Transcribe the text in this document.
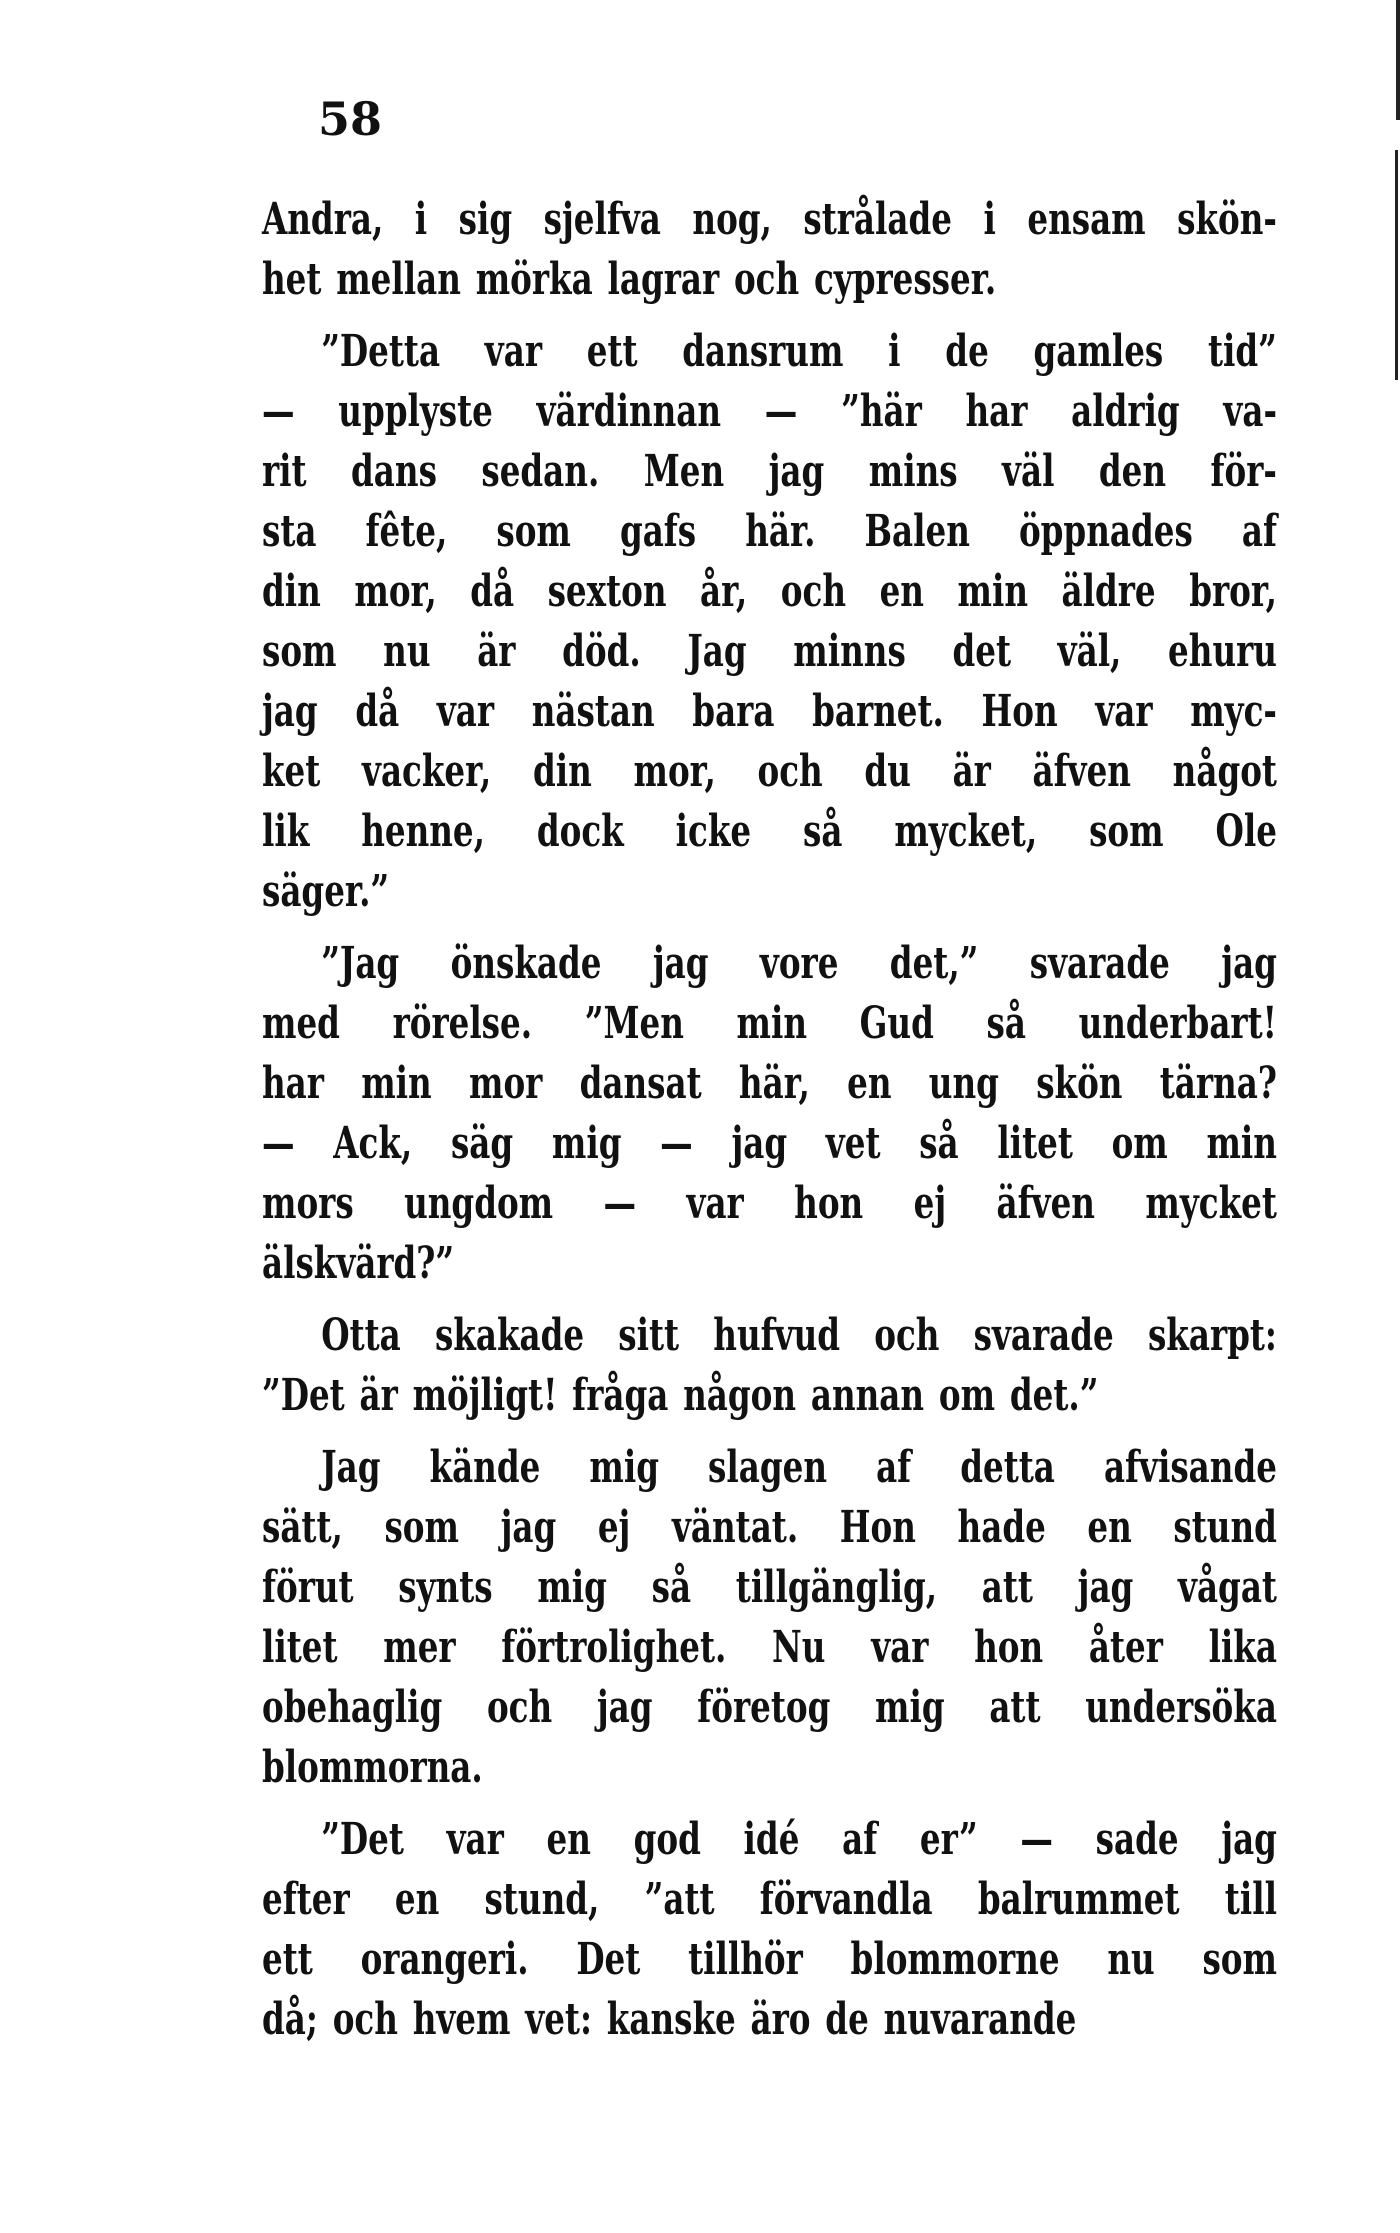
58
Andra, i sig sjelfva nog, strålade i ensam skön-
het mellan mörka lagrar och cypresser.
”Detta var ett dansrum i de gamles tid”
— upplyste värdinnan — ”här har aldrig va-
rit dans sedan. Men jag mins väl den för-
sta fête, som gafs här. Balen öppnades af
din mor, då sexton år, och en min äldre bror,
som nu är död. Jag minns det väl, ehuru
jag då var nästan bara barnet. Hon var myc-
ket vacker, din mor, och du är äfven något
lik henne, dock icke så mycket, som Ole
säger.”
”Jag önskade jag vore det,” svarade jag
med rörelse. ”Men min Gud så underbart!
har min mor dansat här, en ung skön tärna?
— Ack, säg mig — jag vet så litet om min
mors ungdom — var hon ej äfven mycket
älskvärd?”
Otta skakade sitt hufvud och svarade skarpt:
”Det är möjligt! fråga någon annan om det.”
Jag kände mig slagen af detta afvisande
sätt, som jag ej väntat. Hon hade en stund
förut synts mig så tillgänglig, att jag vågat
litet mer förtrolighet. Nu var hon åter lika
obehaglig och jag företog mig att undersöka
blommorna.
”Det var en god idé af er” — sade jag
efter en stund, ”att förvandla balrummet till
ett orangeri. Det tillhör blommorne nu som
då; och hvem vet: kanske äro de nuvarande
